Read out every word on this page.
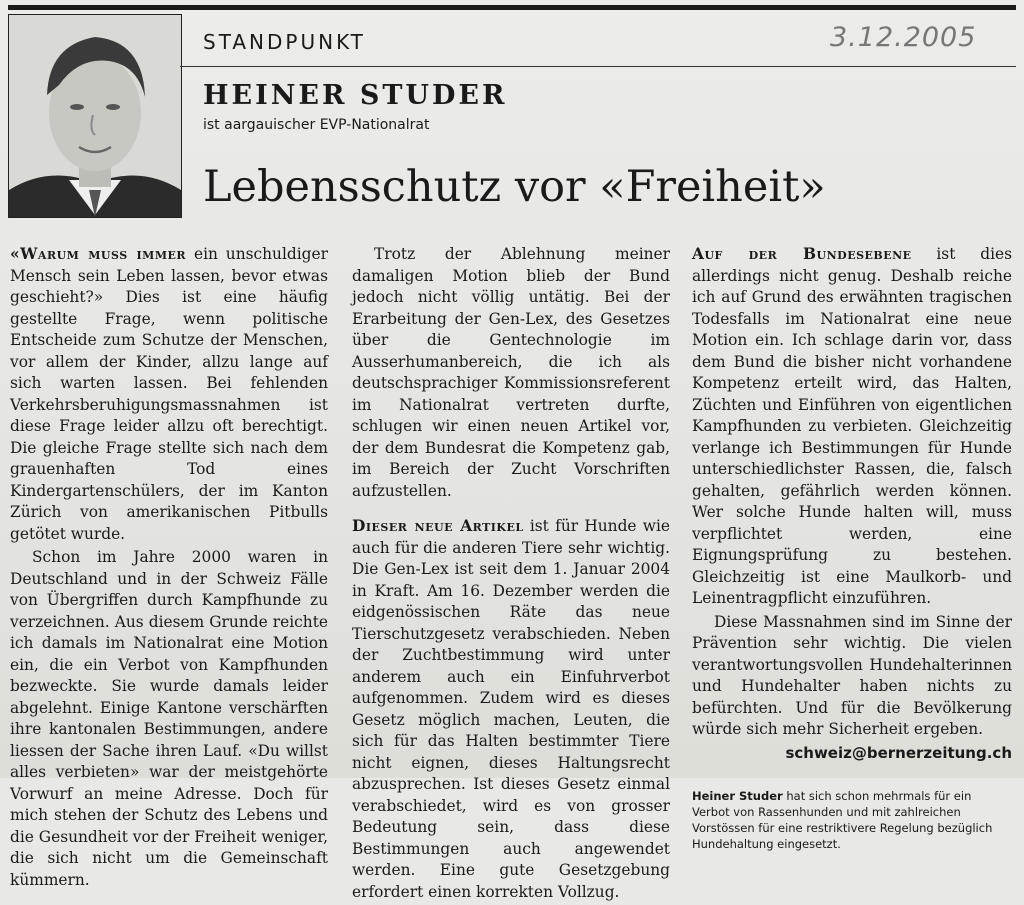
STANDPUNKT	3.12.2005
HEINER STUDER
ist aargauischer EVP-Nationalrat
Lebensschutz vor «Freiheit»

«Warum muss immer ein unschuldiger Mensch sein Leben lassen, bevor etwas geschieht?» Dies ist eine häufig gestellte Frage, wenn politische Entscheide zum Schutze der Menschen, vor allem der Kinder, allzu lange auf sich warten lassen. Bei fehlenden Verkehrsberuhigungsmassnahmen ist diese Frage leider allzu oft berechtigt. Die gleiche Frage stellte sich nach dem grauenhaften Tod eines Kindergartenschülers, der im Kanton Zürich von amerikanischen Pitbulls getötet wurde.

Schon im Jahre 2000 waren in Deutschland und in der Schweiz Fälle von Übergriffen durch Kampfhunde zu verzeichnen. Aus diesem Grunde reichte ich damals im Nationalrat eine Motion ein, die ein Verbot von Kampfhunden bezweckte. Sie wurde damals leider abgelehnt. Einige Kantone verschärften ihre kantonalen Bestimmungen, andere liessen der Sache ihren Lauf. «Du willst alles verbieten» war der meistgehörte Vorwurf an meine Adresse. Doch für mich stehen der Schutz des Lebens und die Gesundheit vor der Freiheit weniger, die sich nicht um die Gemeinschaft kümmern.

Trotz der Ablehnung meiner damaligen Motion blieb der Bund jedoch nicht völlig untätig. Bei der Erarbeitung der Gen-Lex, des Gesetzes über die Gentechnologie im Ausserhumanbereich, die ich als deutschsprachiger Kommissionsreferent im Nationalrat vertreten durfte, schlugen wir einen neuen Artikel vor, der dem Bundesrat die Kompetenz gab, im Bereich der Zucht Vorschriften aufzustellen.

Dieser neue Artikel ist für Hunde wie auch für die anderen Tiere sehr wichtig. Die Gen-Lex ist seit dem 1. Januar 2004 in Kraft. Am 16. Dezember werden die eidgenössischen Räte das neue Tierschutzgesetz verabschieden. Neben der Zuchtbestimmung wird unter anderem auch ein Einfuhrverbot aufgenommen. Zudem wird es dieses Gesetz möglich machen, Leuten, die sich für das Halten bestimmter Tiere nicht eignen, dieses Haltungsrecht abzusprechen. Ist dieses Gesetz einmal verabschiedet, wird es von grosser Bedeutung sein, dass diese Bestimmungen auch angewendet werden. Eine gute Gesetzgebung erfordert einen korrekten Vollzug.

Auf der Bundesebene ist dies allerdings nicht genug. Deshalb reiche ich auf Grund des erwähnten tragischen Todesfalls im Nationalrat eine neue Motion ein. Ich schlage darin vor, dass dem Bund die bisher nicht vorhandene Kompetenz erteilt wird, das Halten, Züchten und Einführen von eigentlichen Kampfhunden zu verbieten. Gleichzeitig verlange ich Bestimmungen für Hunde unterschiedlichster Rassen, die, falsch gehalten, gefährlich werden können. Wer solche Hunde halten will, muss verpflichtet werden, eine Eignungsprüfung zu bestehen. Gleichzeitig ist eine Maulkorb- und Leinentragpflicht einzuführen.

Diese Massnahmen sind im Sinne der Prävention sehr wichtig. Die vielen verantwortungsvollen Hundehalterinnen und Hundehalter haben nichts zu befürchten. Und für die Bevölkerung würde sich mehr Sicherheit ergeben.

schweiz@bernerzeitung.ch
Heiner Studer hat sich schon mehrmals für ein Verbot von Rassenhunden und mit zahlreichen Vorstössen für eine restriktivere Regelung bezüglich Hundehaltung eingesetzt.
